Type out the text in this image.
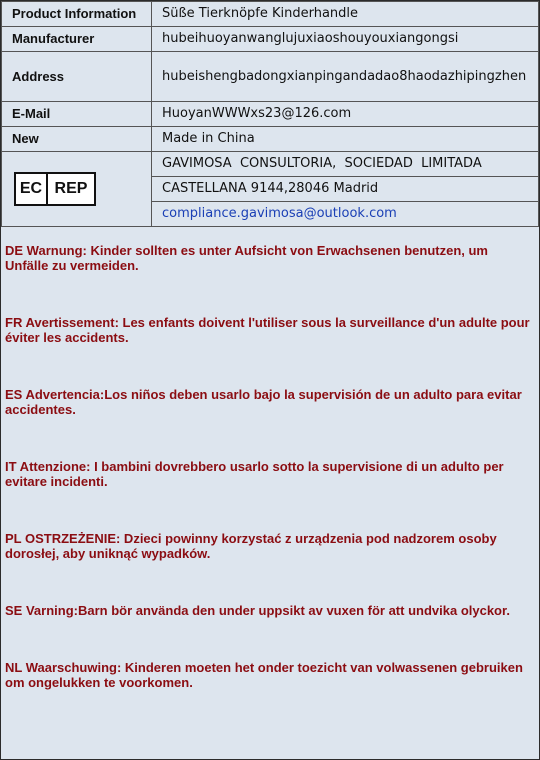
Product Information	Süße Tierknöpfe Kinderhandle
Manufacturer	hubeihuoyanwanglujuxiaoshouyouxiangongsi
Address	hubeishengbadongxianpingandadao8haodazhipingzhen
E-Mail	HuoyanWWWxs23@126.com
New	Made in China

EC REP	GAVIMOSA  CONSULTORIA,  SOCIEDAD  LIMITADA
	CASTELLANA 9144,28046 Madrid
	compliance.gavimosa@outlook.com

DE Warnung: Kinder sollten es unter Aufsicht von Erwachsenen benutzen, um Unfälle zu vermeiden.

FR Avertissement: Les enfants doivent l'utiliser sous la surveillance d'un adulte pour éviter les accidents.

ES Advertencia:Los niños deben usarlo bajo la supervisión de un adulto para evitar accidentes.

IT Attenzione: I bambini dovrebbero usarlo sotto la supervisione di un adulto per evitare incidenti.

PL OSTRZEŻENIE: Dzieci powinny korzystać z urządzenia pod nadzorem osoby dorosłej, aby uniknąć wypadków.

SE Varning:Barn bör använda den under uppsikt av vuxen för att undvika olyckor.

NL Waarschuwing: Kinderen moeten het onder toezicht van volwassenen gebruiken om ongelukken te voorkomen.
